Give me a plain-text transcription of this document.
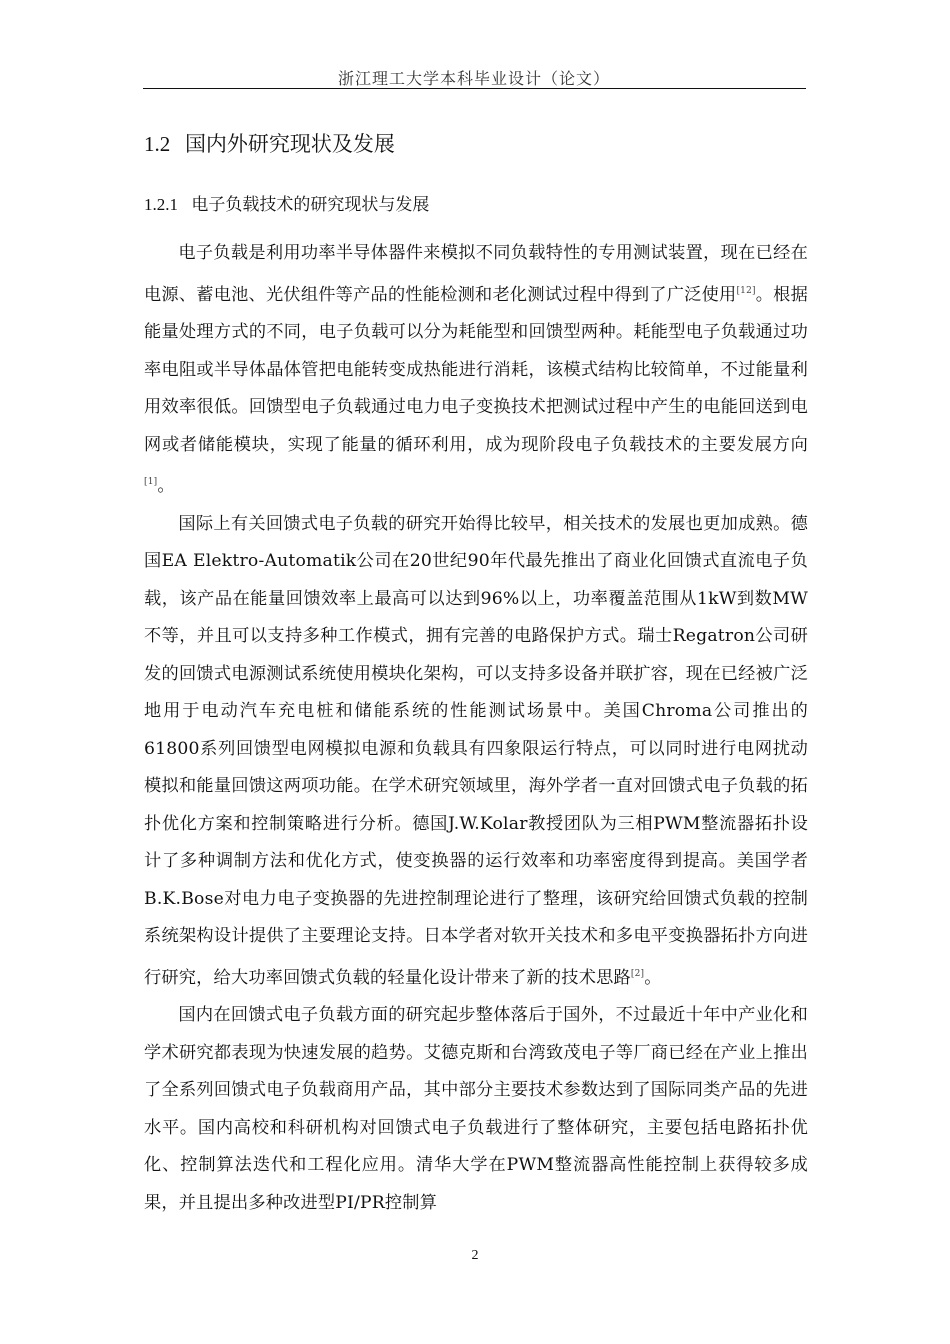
浙江理工大学本科毕业设计（论文）
1.2 国内外研究现状及发展
1.2.1 电子负载技术的研究现状与发展

电子负载是利用功率半导体器件来模拟不同负载特性的专用测试装置，现在已经在电源、蓄电池、光伏组件等产品的性能检测和老化测试过程中得到了广泛使用[12]。根据能量处理方式的不同，电子负载可以分为耗能型和回馈型两种。耗能型电子负载通过功率电阻或半导体晶体管把电能转变成热能进行消耗，该模式结构比较简单，不过能量利用效率很低。回馈型电子负载通过电力电子变换技术把测试过程中产生的电能回送到电网或者储能模块，实现了能量的循环利用，成为现阶段电子负载技术的主要发展方向[1]。

国际上有关回馈式电子负载的研究开始得比较早，相关技术的发展也更加成熟。德国EA Elektro-Automatik公司在20世纪90年代最先推出了商业化回馈式直流电子负载，该产品在能量回馈效率上最高可以达到96%以上，功率覆盖范围从1kW到数MW不等，并且可以支持多种工作模式，拥有完善的电路保护方式。瑞士Regatron公司研发的回馈式电源测试系统使用模块化架构，可以支持多设备并联扩容，现在已经被广泛地用于电动汽车充电桩和储能系统的性能测试场景中。美国Chroma公司推出的61800系列回馈型电网模拟电源和负载具有四象限运行特点，可以同时进行电网扰动模拟和能量回馈这两项功能。在学术研究领域里，海外学者一直对回馈式电子负载的拓扑优化方案和控制策略进行分析。德国J.W.Kolar教授团队为三相PWM整流器拓扑设计了多种调制方法和优化方式，使变换器的运行效率和功率密度得到提高。美国学者B.K.Bose对电力电子变换器的先进控制理论进行了整理，该研究给回馈式负载的控制系统架构设计提供了主要理论支持。日本学者对软开关技术和多电平变换器拓扑方向进行研究，给大功率回馈式负载的轻量化设计带来了新的技术思路[2]。

国内在回馈式电子负载方面的研究起步整体落后于国外，不过最近十年中产业化和学术研究都表现为快速发展的趋势。艾德克斯和台湾致茂电子等厂商已经在产业上推出了全系列回馈式电子负载商用产品，其中部分主要技术参数达到了国际同类产品的先进水平。国内高校和科研机构对回馈式电子负载进行了整体研究，主要包括电路拓扑优化、控制算法迭代和工程化应用。清华大学在PWM整流器高性能控制上获得较多成果，并且提出多种改进型PI/PR控制算

2
